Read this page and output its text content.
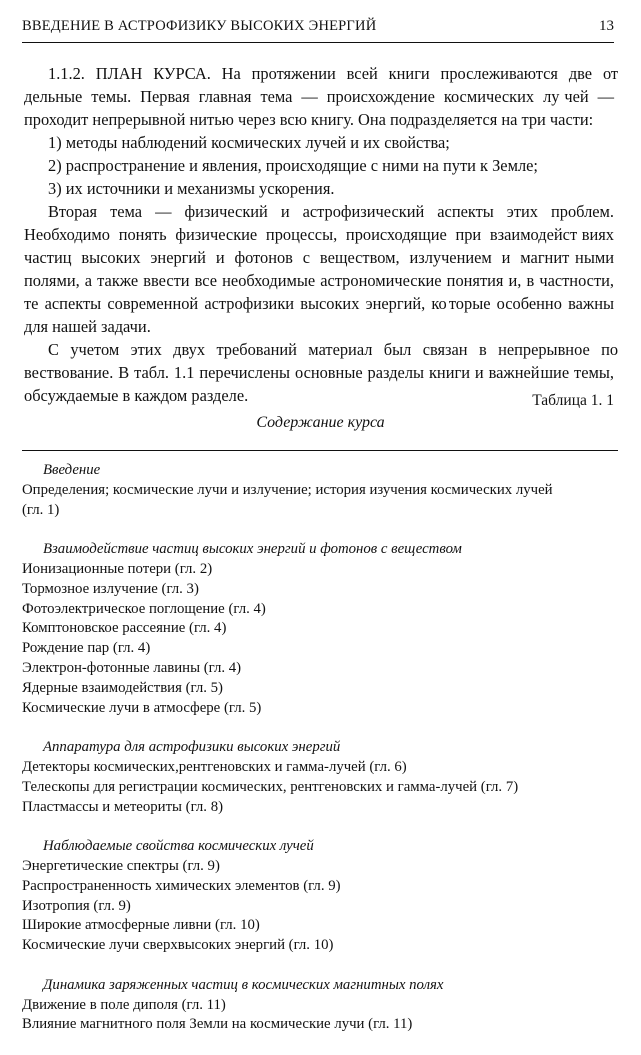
ВВЕДЕНИЕ В АСТРОФИЗИКУ ВЫСОКИХ ЭНЕРГИЙ	13

1.1.2. ПЛАН КУРСА. На протяжении всей книги прослеживаются две от дельные темы. Первая главная тема — происхождение космических лу чей — проходит непрерывной нитью через всю книгу. Она подразделяется на три части:

1) методы наблюдений космических лучей и их свойства;

2) распространение и явления, происходящие с ними на пути к Земле;

3) их источники и механизмы ускорения.

Вторая тема — физический и астрофизический аспекты этих проблем. Необходимо понять физические процессы, происходящие при взаимодейст виях частиц высоких энергий и фотонов с веществом, излучением и магнит ными полями, а также ввести все необходимые астрономические понятия и, в частности, те аспекты современной астрофизики высоких энергий, ко торые особенно важны для нашей задачи.

С учетом этих двух требований материал был связан в непрерывное по вествование. В табл. 1.1 перечислены основные разделы книги и важней шие темы, обсуждаемые в каждом разделе.	Таблица 1. 1
Содержание курса
Введение
Определения; космические лучи и излучение; история изучения космических лучей
(гл. 1)
Взаимодействие частиц высоких энергий и фотонов с веществом
Ионизационные потери (гл. 2)
Тормозное излучение (гл. 3)
Фотоэлектрическое поглощение (гл. 4)
Комптоновское рассеяние (гл. 4)
Рождение пар (гл. 4)
Электрон-фотонные лавины (гл. 4)
Ядерные взаимодействия (гл. 5)
Космические лучи в атмосфере (гл. 5)
Аппаратура для астрофизики высоких энергий
Детекторы космических,рентгеновских и гамма-лучей (гл. 6)
Телескопы для регистрации космических, рентгеновских и гамма-лучей (гл. 7)
Пластмассы и метеориты (гл. 8)
Наблюдаемые свойства космических лучей
Энергетические спектры (гл. 9)
Распространенность химических элементов (гл. 9)
Изотропия (гл. 9)
Широкие атмосферные ливни (гл. 10)
Космические лучи сверхвысоких энергий (гл. 10)
Динамика заряженных частиц в космических магнитных полях
Движение в поле диполя (гл. 11)
Влияние магнитного поля Земли на космические лучи (гл. 11)
